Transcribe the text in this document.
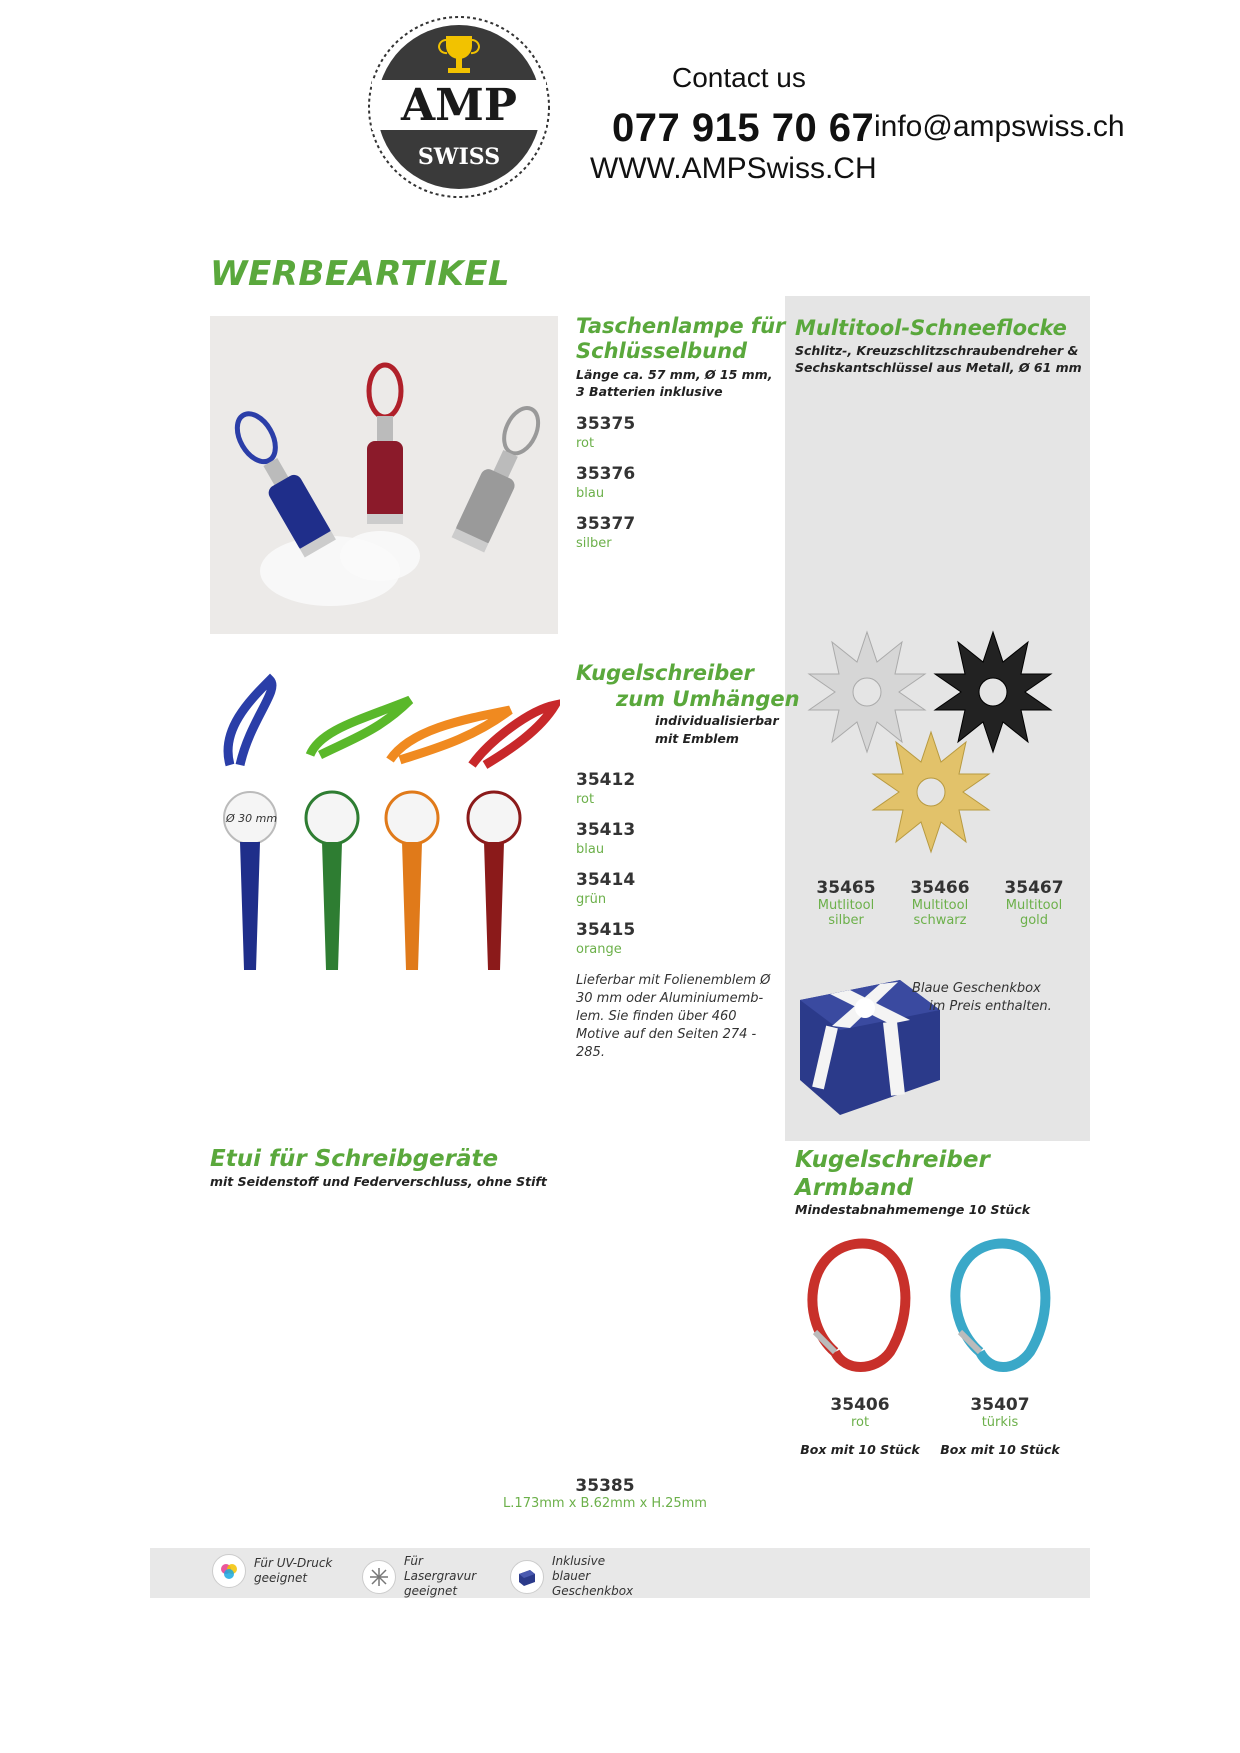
AMP
SWISS
Contact us
077 915 70 67 info@ampswiss.ch
WWW.AMPSwiss.CH
WERBEARTIKEL
Taschenlampe für
Schlüsselbund
Länge ca. 57 mm, Ø 15 mm, 3 Batterien inklusive
35375
rot
35376
blau
35377
silber
Multitool-Schneeflocke
Schlitz-, Kreuzschlitzschraubendreher &
Sechskantschlüssel aus Metall, Ø 61 mm
35465
Mutlitool
silber
35466
Multitool
schwarz
35467
Multitool
gold
Blaue Geschenkbox
im Preis enthalten.
Ø 30 mm
Kugelschreiber
zum Umhängen
individualisierbar
mit Emblem
35412
rot
35413
blau
35414
grün
35415
orange
Lieferbar mit Folienemblem Ø 30 mm oder Aluminiumemb- lem. Sie finden über 460 Motive auf den Seiten 274 - 285.
Etui für Schreibgeräte
mit Seidenstoff und Federverschluss, ohne Stift
35385
L.173mm x B.62mm x H.25mm
Kugelschreiber
Armband
Mindestabnahmemenge 10 Stück
35406
rot
Box mit 10 Stück
35407
türkis
Box mit 10 Stück
Für UV-Druck
geeignet
Für Lasergravur
geeignet
Inklusive blauer
Geschenkbox
